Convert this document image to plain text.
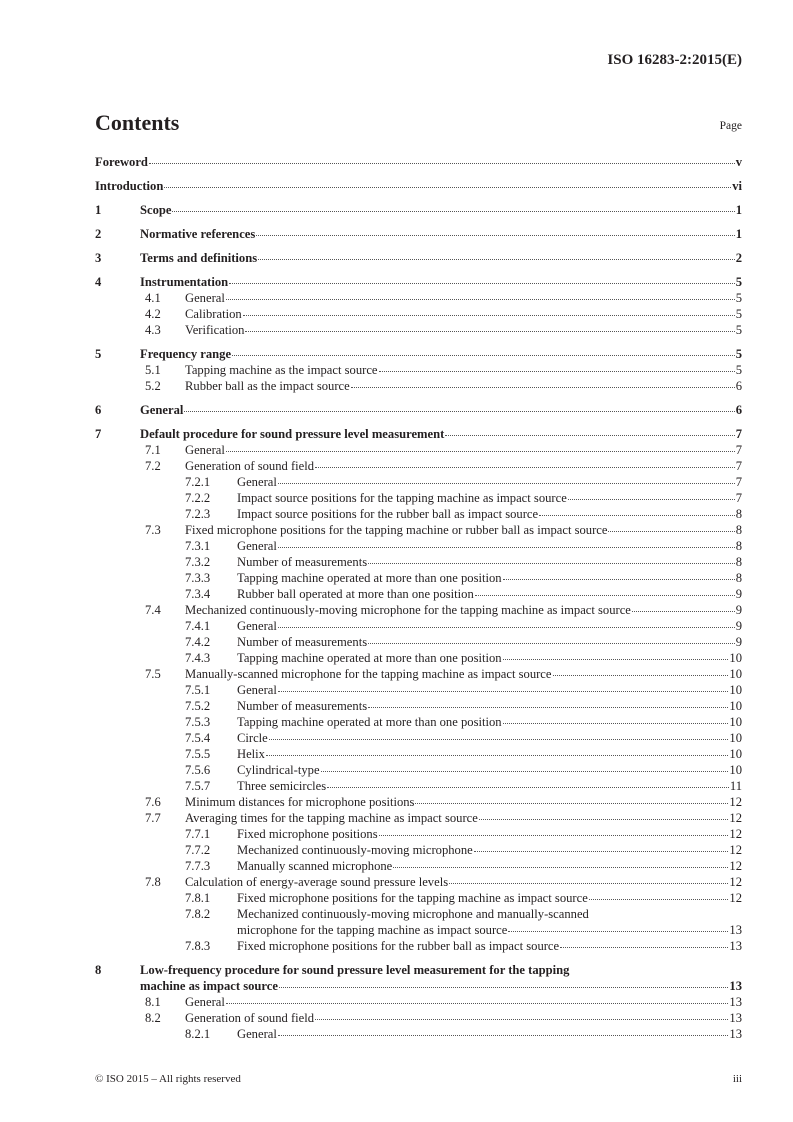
ISO 16283-2:2015(E)
Contents	Page
Foreword	v
Introduction	vi
1	Scope	1
2	Normative references	1
3	Terms and definitions	2
4	Instrumentation	5
4.1 General	5
4.2 Calibration	5
4.3 Verification	5
5	Frequency range	5
5.1 Tapping machine as the impact source	5
5.2 Rubber ball as the impact source	6
6	General	6
7	Default procedure for sound pressure level measurement	7
7.1 General	7
7.2 Generation of sound field	7
7.2.1 General	7
7.2.2 Impact source positions for the tapping machine as impact source	7
7.2.3 Impact source positions for the rubber ball as impact source	8
7.3 Fixed microphone positions for the tapping machine or rubber ball as impact source	8
7.3.1 General	8
7.3.2 Number of measurements	8
7.3.3 Tapping machine operated at more than one position	8
7.3.4 Rubber ball operated at more than one position	9
7.4 Mechanized continuously-moving microphone for the tapping machine as impact source	9
7.4.1 General	9
7.4.2 Number of measurements	9
7.4.3 Tapping machine operated at more than one position	10
7.5 Manually-scanned microphone for the tapping machine as impact source	10
7.5.1 General	10
7.5.2 Number of measurements	10
7.5.3 Tapping machine operated at more than one position	10
7.5.4 Circle	10
7.5.5 Helix	10
7.5.6 Cylindrical-type	10
7.5.7 Three semicircles	11
7.6 Minimum distances for microphone positions	12
7.7 Averaging times for the tapping machine as impact source	12
7.7.1 Fixed microphone positions	12
7.7.2 Mechanized continuously-moving microphone	12
7.7.3 Manually scanned microphone	12
7.8 Calculation of energy-average sound pressure levels	12
7.8.1 Fixed microphone positions for the tapping machine as impact source	12
7.8.2 Mechanized continuously-moving microphone and manually-scanned
microphone for the tapping machine as impact source	13
7.8.3 Fixed microphone positions for the rubber ball as impact source	13
8	Low-frequency procedure for sound pressure level measurement for the tapping
machine as impact source	13
8.1 General	13
8.2 Generation of sound field	13
8.2.1 General	13
© ISO 2015 – All rights reserved	iii
